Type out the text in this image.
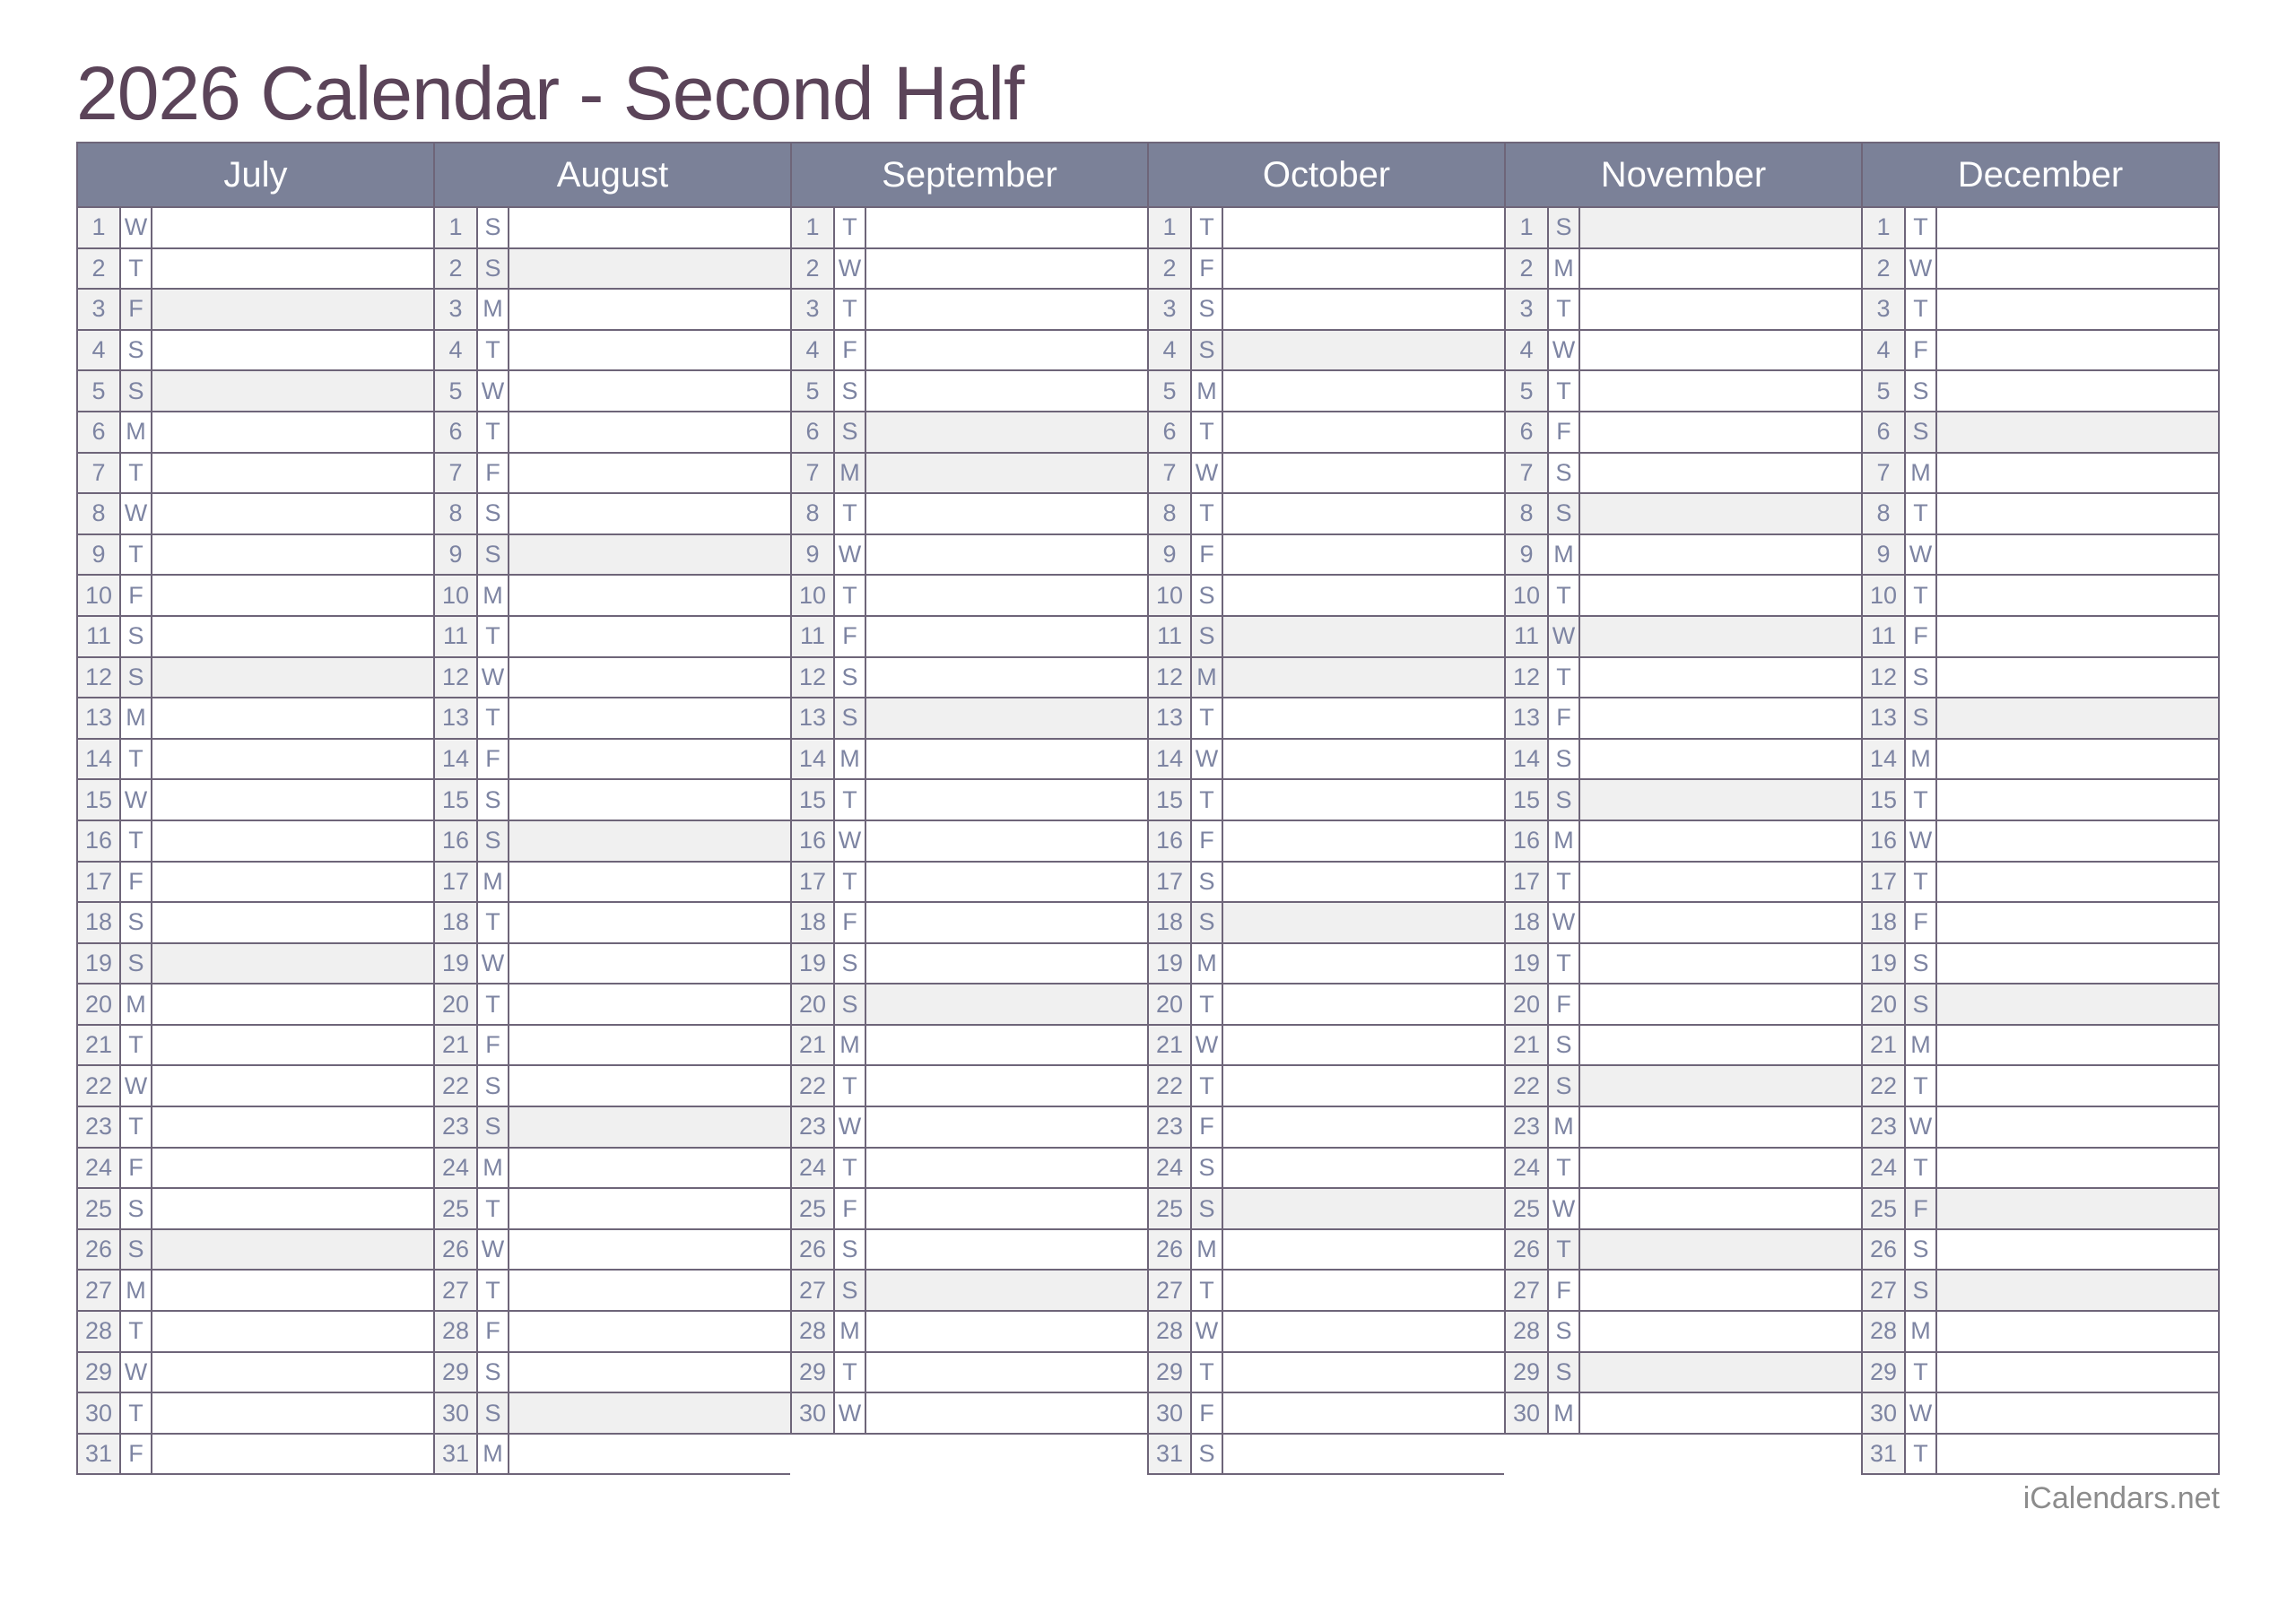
2026 Calendar - Second Half
July
1 W
2 T
3 F
4 S
5 S
6 M
7 T
8 W
9 T
10 F
11 S
12 S
13 M
14 T
15 W
16 T
17 F
18 S
19 S
20 M
21 T
22 W
23 T
24 F
25 S
26 S
27 M
28 T
29 W
30 T
31 F
August
1 S
2 S
3 M
4 T
5 W
6 T
7 F
8 S
9 S
10 M
11 T
12 W
13 T
14 F
15 S
16 S
17 M
18 T
19 W
20 T
21 F
22 S
23 S
24 M
25 T
26 W
27 T
28 F
29 S
30 S
31 M
September
1 T
2 W
3 T
4 F
5 S
6 S
7 M
8 T
9 W
10 T
11 F
12 S
13 S
14 M
15 T
16 W
17 T
18 F
19 S
20 S
21 M
22 T
23 W
24 T
25 F
26 S
27 S
28 M
29 T
30 W
October
1 T
2 F
3 S
4 S
5 M
6 T
7 W
8 T
9 F
10 S
11 S
12 M
13 T
14 W
15 T
16 F
17 S
18 S
19 M
20 T
21 W
22 T
23 F
24 S
25 S
26 M
27 T
28 W
29 T
30 F
31 S
November
1 S
2 M
3 T
4 W
5 T
6 F
7 S
8 S
9 M
10 T
11 W
12 T
13 F
14 S
15 S
16 M
17 T
18 W
19 T
20 F
21 S
22 S
23 M
24 T
25 W
26 T
27 F
28 S
29 S
30 M
December
1 T
2 W
3 T
4 F
5 S
6 S
7 M
8 T
9 W
10 T
11 F
12 S
13 S
14 M
15 T
16 W
17 T
18 F
19 S
20 S
21 M
22 T
23 W
24 T
25 F
26 S
27 S
28 M
29 T
30 W
31 T
iCalendars.net
